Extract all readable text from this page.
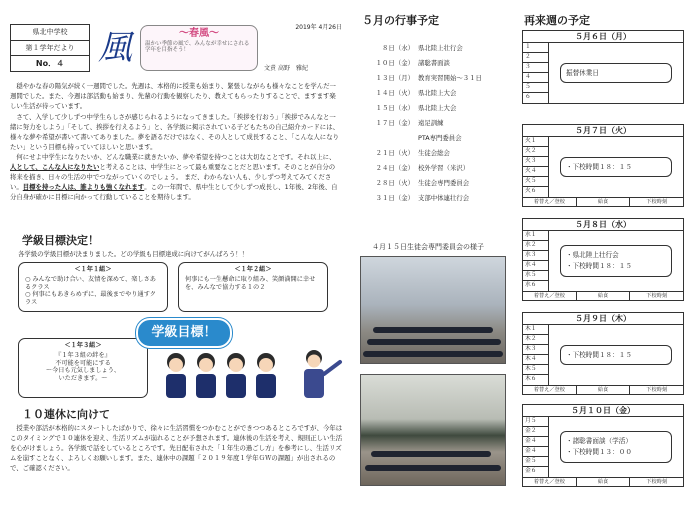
県北中学校
第１学年だより
No．４ 風	～春風～
温かい季節の風で、みんなが幸せにされる学年を目指そう！
2019年 4月26日
文責 高野　雅紀

穏やかな春の陽気が続く一週間でした。先週は、本格的に授業も始まり、緊張しながらも様々なことを学んだ一週間でした。また、今週は部活動も始まり、先輩の行動を観察したり、教えてもらったりすることで、ますます楽しい生活が待っています。

さて、入学して少しずつ中学生らしさが感じられるようになってきました。「挨拶を行おう」「挨拶でみんなと一緒に努力をしよう」「そして、挨拶を行えるよう」と、各学級に掲示されている子どもたちの自己紹介カードには、様々な夢や希望が書いて書いてありました。夢を語るだけではなく、その人として成長すること、「こんな人になりたい」という目標も持っていてほしいと思います。

何にせよ中学生になりたいか、どんな職業に就きたいか、夢や希望を持つことは大切なことです。それ以上に、人として、こんな人になりたいと考えることは、中学生にとって最も重要なことだと思います。そのことが自分の将来を描き、日々の生活の中でつながっていくのでしょう。 まだ、わからない人も、少しずつ考えてみてください。目標を持った人は、誰よりも強くなれます。この一年間で、県中生として少しずつ成長し、1年後、2年後、自分自身が確かに目標に向かって行動していることを期待します。

学級目標決定！
各学級の学級目標が決まりました。どの学級も目標達成に向けてがんばろう！！
＜１年１組＞
○ みんなで助け合い、友情を深めて、楽しさあるクラス
○ 何事にもあきらめずに、最後までやり通すクラス
＜１年２組＞
何事にも一生懸命に取り組み、笑顔満開に幸せを、みんなで協力する１の２
＜１年３組＞
『１年３組の絆を』
不可能を可能にする
～今日も元気しましょう、
いただきます。～
学級目標！
１０連休に向けて

授業や部活が本格的にスタートしたばかりで、徐々に生活習慣をつかむことができつつあるところですが、今年はこのタイミングで１０連休を迎え、生活リズムが崩れることが予想されます。連休後の生活を考え、規則正しい生活を心がけましょう。各学級で話をしているところです。先日配布された「１年生の過ごし方」を参考にし、生活リズムを崩すことなく、よろしくお願いします。また、連休中の課題「２０１９年度１学年ＧＷの課題」が出されるので、ご確認ください。

５月の行事予定
８日（水） 県北陸上壮行会
１０日（金） 諸聡書面談
１３日（月） 教育実習開始～３１日
１４日（火） 県北陸上大会
１５日（水） 県北陸上大会
１７日（金） 遠足訓練
PTA専門委員会
２１日（火） 生徒会総会
２４日（金） 校外学習（米沢）
２８日（火） 生徒会専門委員会
３１日（金） 支部中体連壮行会
４月１５日生徒会専門委員会の様子
再来週の予定
５月６日（月）
１
２
３
４
５
６
振替休業日
５月７日（火）
火１
火２
火３
火４
火５
火６
・下校時間１８：１５
着替え／登校	給食	下校時刻
５月８日（水）
水１
水２
水３
水４
水５
水６
・県北陸上壮行会
・下校時間１８：１５
着替え／登校	給食	下校時刻
５月９日（木）
木１
木２
木３
木４
木５
木６
・下校時間１８：１５
着替え／登校	給食	下校時刻
５月１０日（金）
月５
金２
金４
金４
金５
金６
・諸聡書面談（学活）
・下校時間１３：００
着替え／登校	給食	下校時刻
